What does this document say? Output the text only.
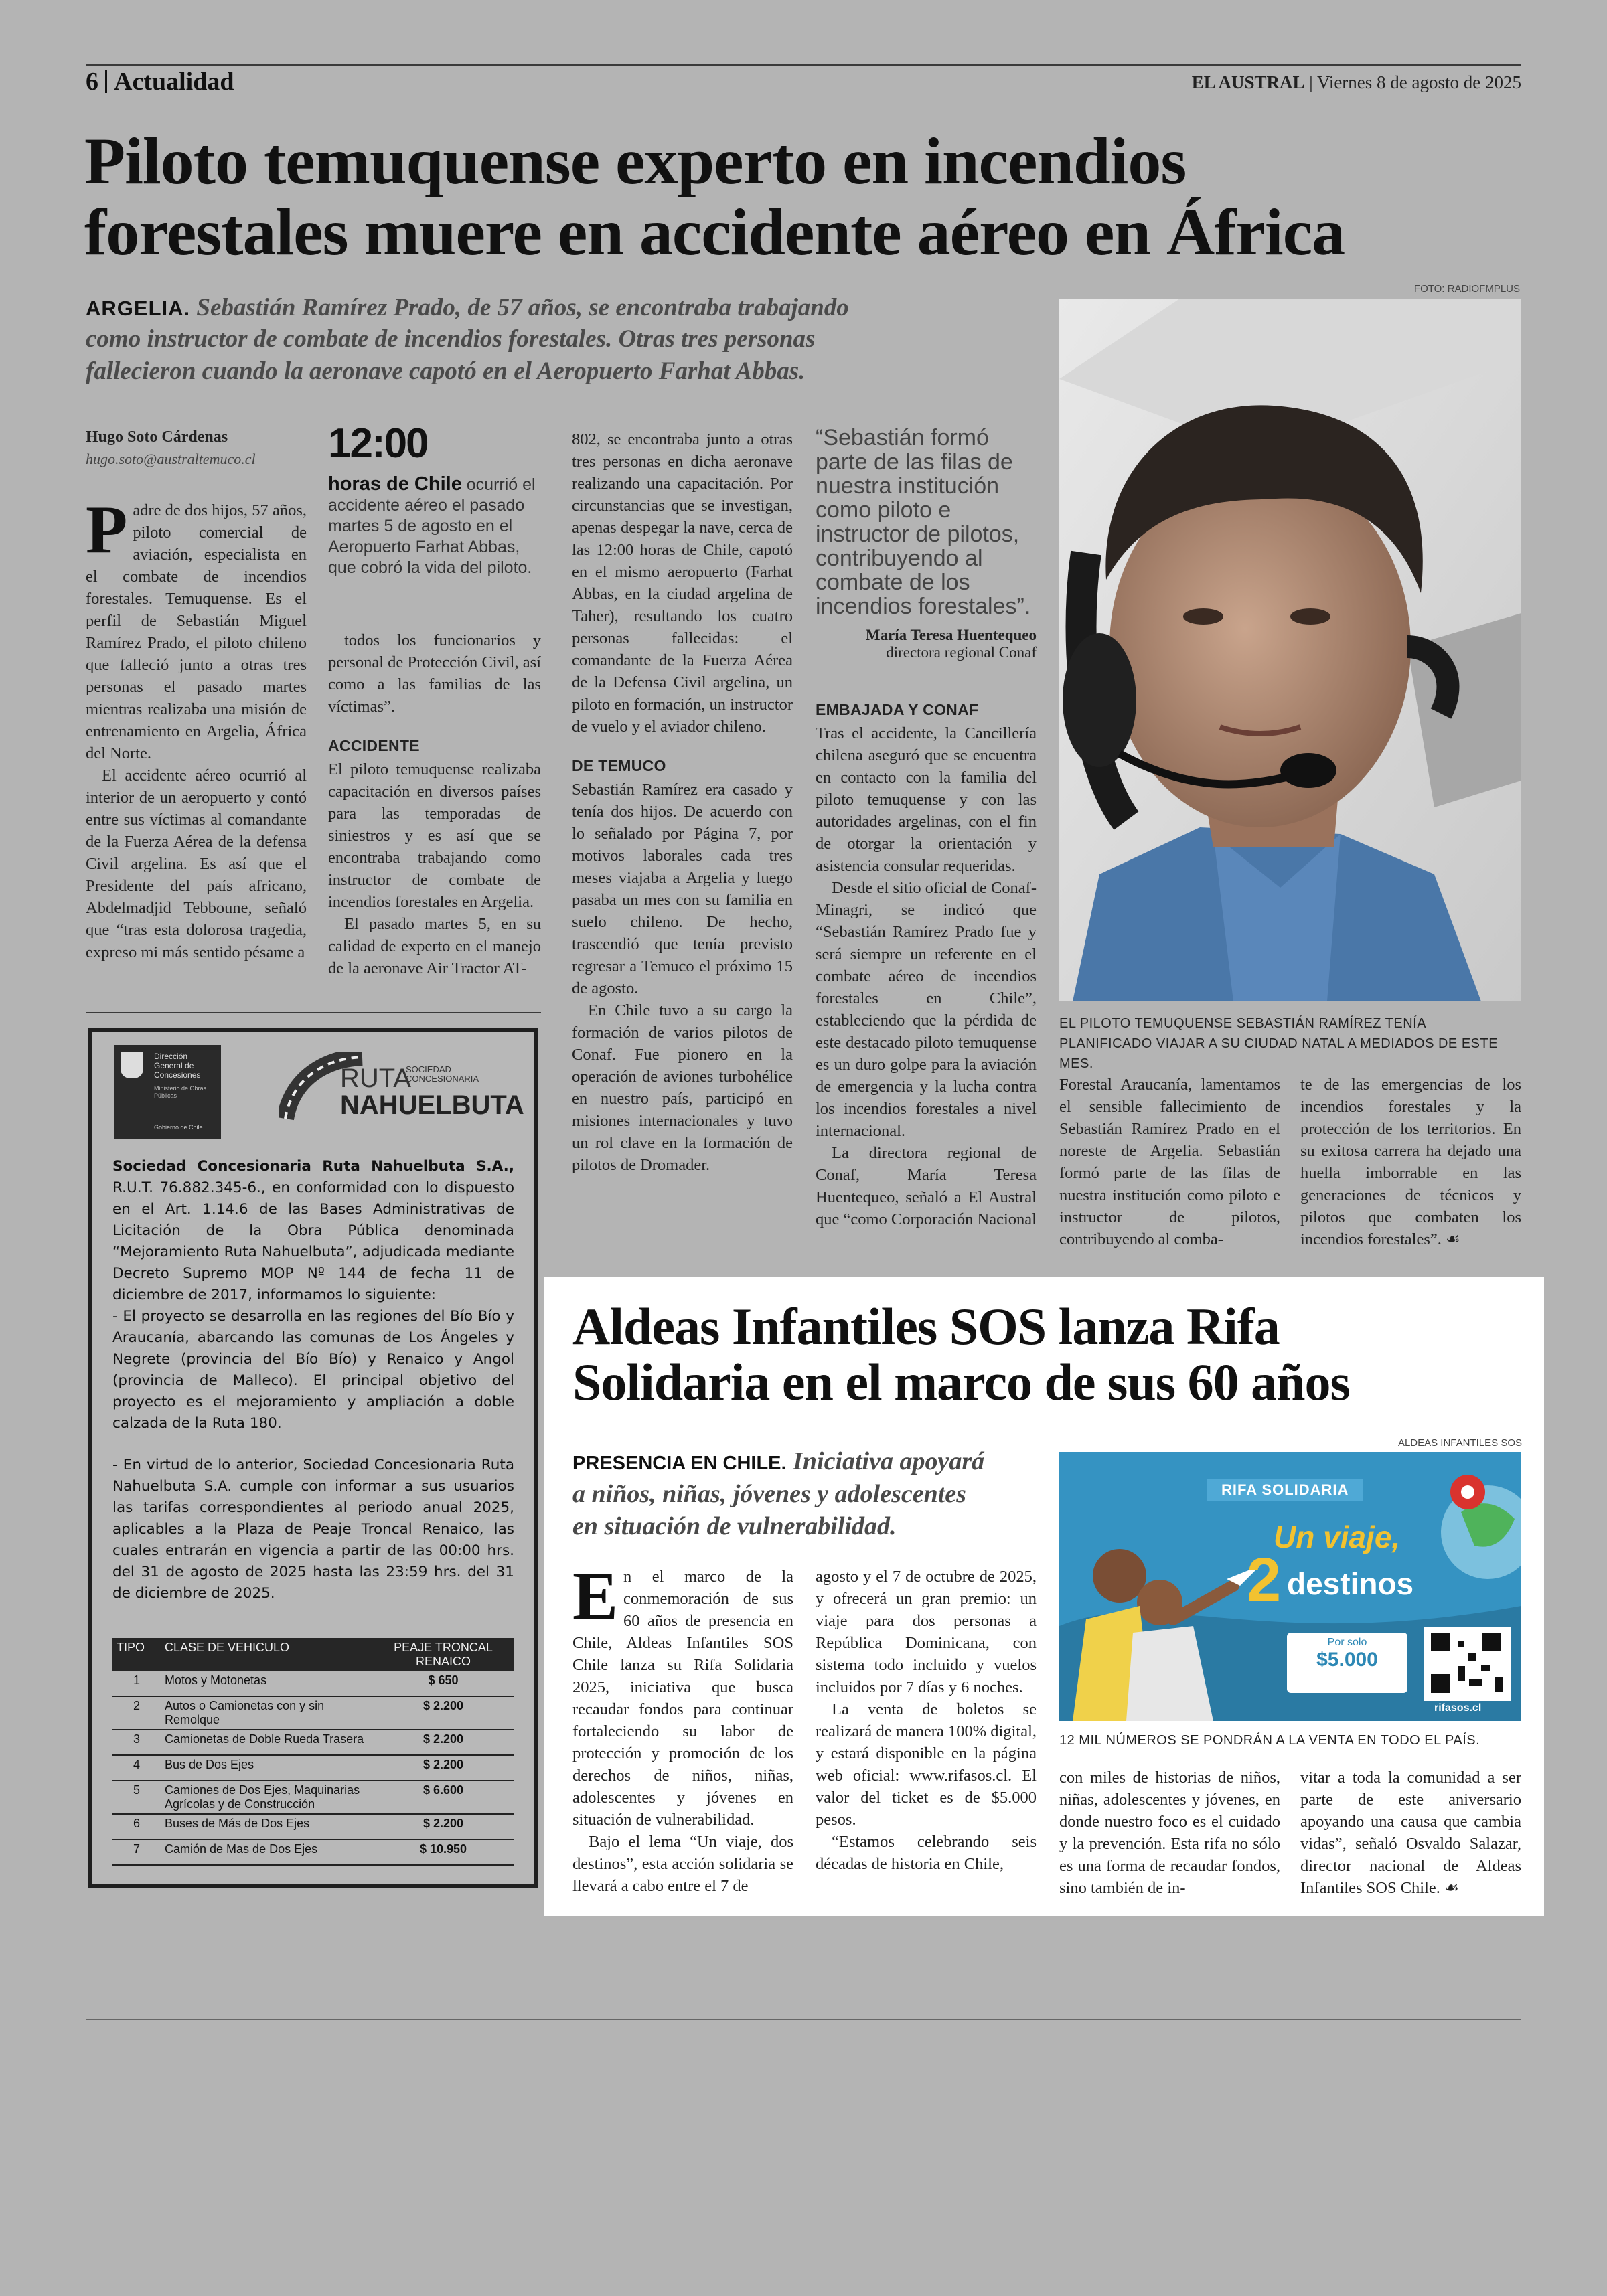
6 Actualidad	EL AUSTRAL | Viernes 8 de agosto de 2025
Piloto temuquense experto en incendios
forestales muere en accidente aéreo en África
FOTO: RADIOFMPLUS
ARGELIA. Sebastián Ramírez Prado, de 57 años, se encontraba trabajando
como instructor de combate de incendios forestales. Otras tres personas
fallecieron cuando la aeronave capotó en el Aeropuerto Farhat Abbas.
Hugo Soto Cárdenas
hugo.soto@australtemuco.cl

Padre de dos hijos, 57 años, piloto comercial de aviación, especialista en el combate de incendios forestales. Temuquense. Es el perfil de Sebastián Miguel Ramírez Prado, el piloto chileno que falleció junto a otras tres personas el pasado martes mientras realizaba una misión de entrenamiento en Argelia, África del Norte.

El accidente aéreo ocurrió al interior de un aeropuerto y contó entre sus víctimas al comandante de la Fuerza Aérea de la defensa Civil argelina. Es así que el Presidente del país africano, Abdelmadjid Tebboune, señaló que “tras esta dolorosa tragedia, expreso mi más sentido pésame a

12:00
horas de Chile ocurrió el accidente aéreo el pasado martes 5 de agosto en el Aeropuerto Farhat Abbas, que cobró la vida del piloto.

todos los funcionarios y personal de Protección Civil, así como a las familias de las víctimas”.

ACCIDENTE

El piloto temuquense realizaba capacitación en diversos países para las temporadas de siniestros y es así que se encontraba trabajando como instructor de combate de incendios forestales en Argelia.

El pasado martes 5, en su calidad de experto en el manejo de la aeronave Air Tractor AT-

802, se encontraba junto a otras tres personas en dicha aeronave realizando una capacitación. Por circunstancias que se investigan, apenas despegar la nave, cerca de las 12:00 horas de Chile, capotó en el mismo aeropuerto (Farhat Abbas, en la ciudad argelina de Taher), resultando los cuatro personas fallecidas: el comandante de la Fuerza Aérea de la Defensa Civil argelina, un piloto en formación, un instructor de vuelo y el aviador chileno.

DE TEMUCO

Sebastián Ramírez era casado y tenía dos hijos. De acuerdo con lo señalado por Página 7, por motivos laborales cada tres meses viajaba a Argelia y luego pasaba un mes con su familia en suelo chileno. De hecho, trascendió que tenía previsto regresar a Temuco el próximo 15 de agosto.

En Chile tuvo a su cargo la formación de varios pilotos de Conaf. Fue pionero en la operación de aviones turbohélice en nuestro país, participó en misiones internacionales y tuvo un rol clave en la formación de pilotos de Dromader.

“Sebastián formó parte de las filas de nuestra institución como piloto e instructor de pilotos, contribuyendo al combate de los incendios forestales”.
María Teresa Huentequeo
directora regional Conaf
EMBAJADA Y CONAF

Tras el accidente, la Cancillería chilena aseguró que se encuentra en contacto con la familia del piloto temuquense y con las autoridades argelinas, con el fin de otorgar la orientación y asistencia consular requeridas.

Desde el sitio oficial de Conaf-Minagri, se indicó que “Sebastián Ramírez Prado fue y será siempre un referente en el combate aéreo de incendios forestales en Chile”, estableciendo que la pérdida de este destacado piloto temuquense es un duro golpe para la aviación de emergencia y la lucha contra los incendios forestales a nivel internacional.

La directora regional de Conaf, María Teresa Huentequeo, señaló a El Austral que “como Corporación Nacional

EL PILOTO TEMUQUENSE SEBASTIÁN RAMÍREZ TENÍA PLANIFICADO VIAJAR A SU CIUDAD NATAL A MEDIADOS DE ESTE MES.

Forestal Araucanía, lamentamos el sensible fallecimiento de Sebastián Ramírez Prado en el noreste de Argelia. Sebastián formó parte de las filas de nuestra institución como piloto e instructor de pilotos, contribuyendo al comba-

te de las emergencias de los incendios forestales y la protección de los territorios. En su exitosa carrera ha dejado una huella imborrable en las generaciones de técnicos y pilotos que combaten los incendios forestales”. ☙

Dirección General de Concesiones
Ministerio de Obras Públicas
Gobierno de Chile
RUTA
SOCIEDAD CONCESIONARIA
NAHUELBUTA

Sociedad Concesionaria Ruta Nahuelbuta S.A., R.U.T. 76.882.345-6., en conformidad con lo dispuesto en el Art. 1.14.6 de las Bases Administrativas de Licitación de la Obra Pública denominada “Mejoramiento Ruta Nahuelbuta”, adjudicada mediante Decreto Supremo MOP Nº 144 de fecha 11 de diciembre de 2017, informamos lo siguiente:

- El proyecto se desarrolla en las regiones del Bío Bío y Araucanía, abarcando las comunas de Los Ángeles y Negrete (provincia del Bío Bío) y Renaico y Angol (provincia de Malleco). El principal objetivo del proyecto es el mejoramiento y ampliación a doble calzada de la Ruta 180.

- En virtud de lo anterior, Sociedad Concesionaria Ruta Nahuelbuta S.A. cumple con informar a sus usuarios las tarifas correspondientes al periodo anual 2025, aplicables a la Plaza de Peaje Troncal Renaico, las cuales entrarán en vigencia a partir de las 00:00 hrs. del 31 de agosto de 2025 hasta las 23:59 hrs. del 31 de diciembre de 2025.

TIPO	CLASE DE VEHICULO	PEAJE TRONCAL RENAICO
1	Motos y Motonetas	$ 650
2	Autos o Camionetas con y sin Remolque	$ 2.200
3	Camionetas de Doble Rueda Trasera	$ 2.200
4	Bus de Dos Ejes	$ 2.200
5	Camiones de Dos Ejes, Maquinarias Agrícolas y de Construcción	$ 6.600
6	Buses de Más de Dos Ejes	$ 2.200
7	Camión de Mas de Dos Ejes	$ 10.950
Aldeas Infantiles SOS lanza Rifa
Solidaria en el marco de sus 60 años
PRESENCIA EN CHILE. Iniciativa apoyará
a niños, niñas, jóvenes y adolescentes
en situación de vulnerabilidad.

En el marco de la conmemoración de sus 60 años de presencia en Chile, Aldeas Infantiles SOS Chile lanza su Rifa Solidaria 2025, iniciativa que busca recaudar fondos para continuar fortaleciendo su labor de protección y promoción de los derechos de niños, niñas, adolescentes y jóvenes en situación de vulnerabilidad.

Bajo el lema “Un viaje, dos destinos”, esta acción solidaria se llevará a cabo entre el 7 de

agosto y el 7 de octubre de 2025, y ofrecerá un gran premio: un viaje para dos personas a República Dominicana, con sistema todo incluido y vuelos incluidos por 7 días y 6 noches.

La venta de boletos se realizará de manera 100% digital, y estará disponible en la página web oficial: www.rifasos.cl. El valor del ticket es de $5.000 pesos.

“Estamos celebrando seis décadas de historia en Chile,

ALDEAS INFANTILES SOS
RIFA SOLIDARIA
Un viaje,
2 destinos
Por solo
$5.000
rifasos.cl
12 MIL NÚMEROS SE PONDRÁN A LA VENTA EN TODO EL PAÍS.

con miles de historias de niños, niñas, adolescentes y jóvenes, en donde nuestro foco es el cuidado y la prevención. Esta rifa no sólo es una forma de recaudar fondos, sino también de in-

vitar a toda la comunidad a ser parte de este aniversario apoyando una causa que cambia vidas”, señaló Osvaldo Salazar, director nacional de Aldeas Infantiles SOS Chile. ☙
